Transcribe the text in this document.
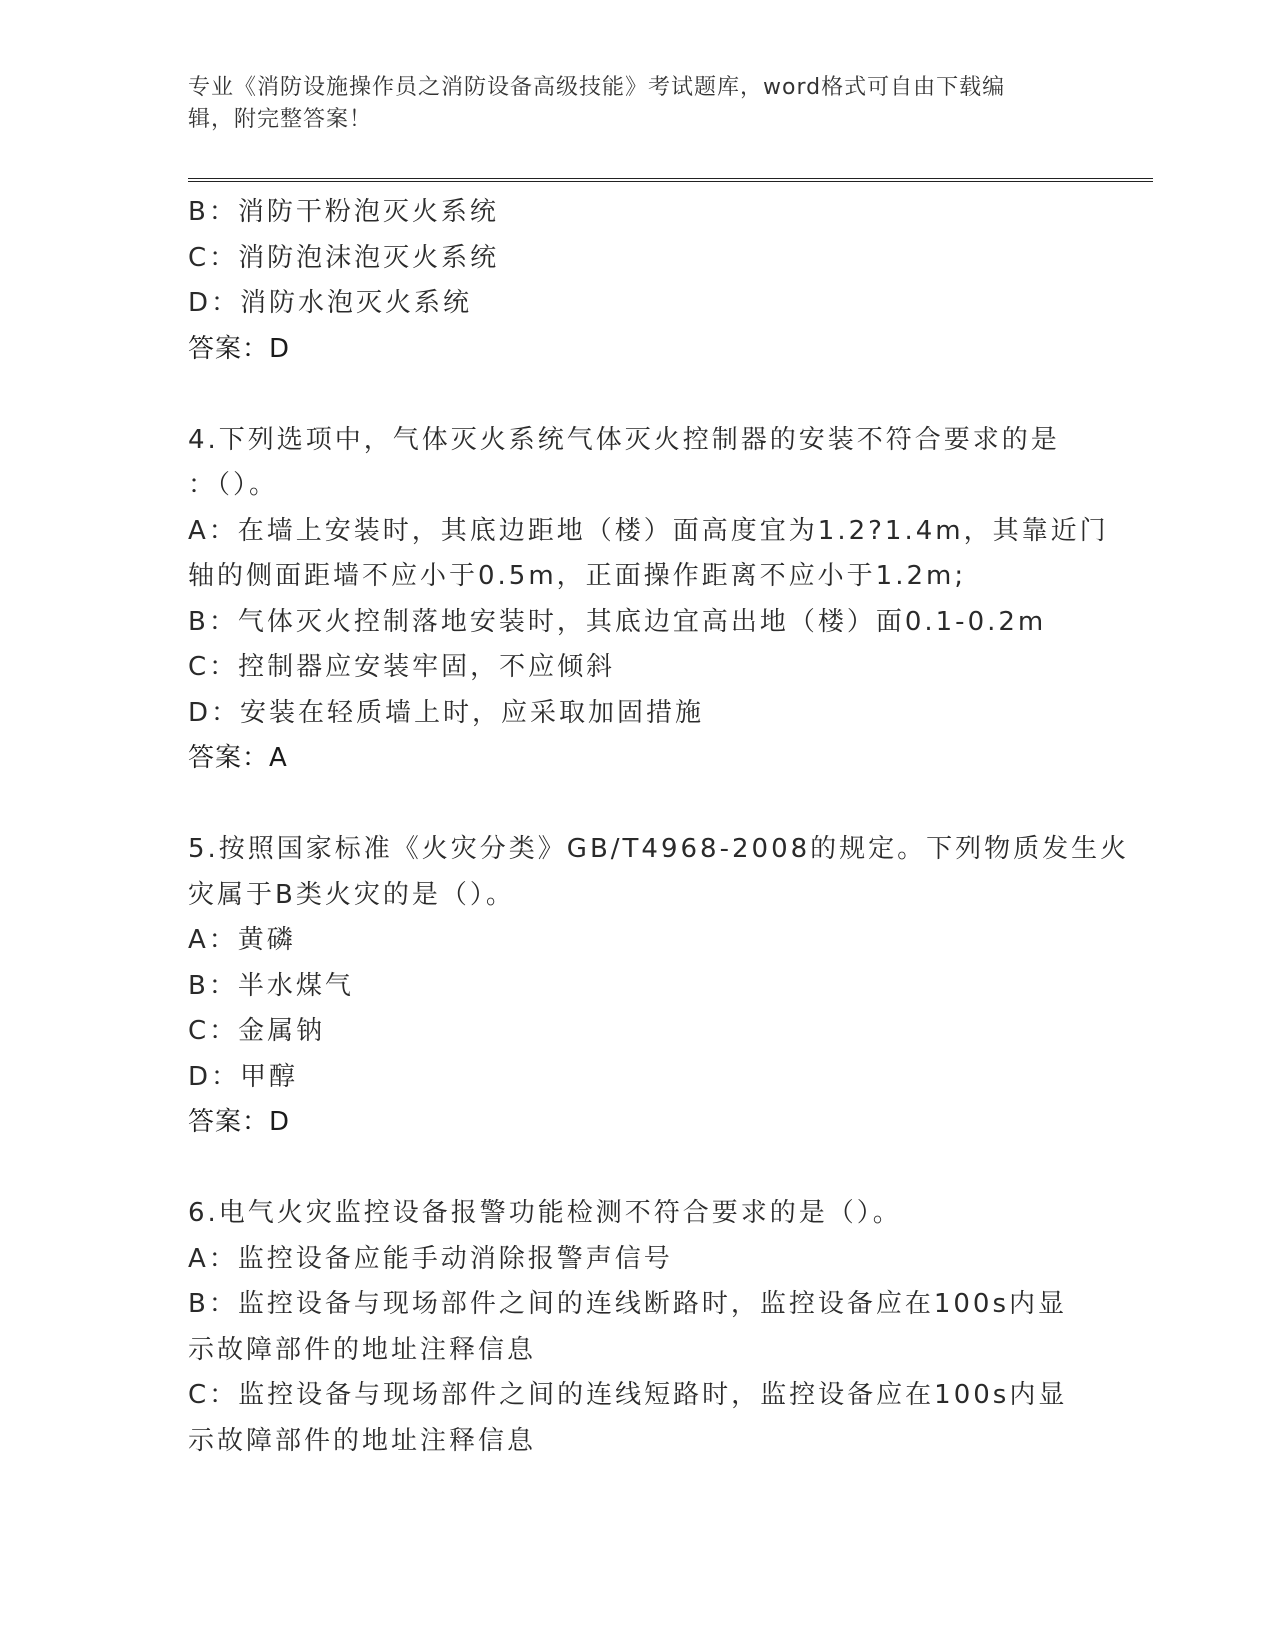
专业《消防设施操作员之消防设备高级技能》考试题库，word格式可自由下载编
辑，附完整答案！
B：消防干粉泡灭火系统
C：消防泡沫泡灭火系统
D：消防水泡灭火系统
答案：D
4.下列选项中，气体灭火系统气体灭火控制器的安装不符合要求的是
：（）。
A：在墙上安装时，其底边距地（楼）面高度宜为1.2?1.4m，其靠近门
轴的侧面距墙不应小于0.5m，正面操作距离不应小于1.2m;
B：气体灭火控制落地安装时，其底边宜高出地（楼）面0.1-0.2m
C：控制器应安装牢固，不应倾斜
D：安装在轻质墙上时，应采取加固措施
答案：A
5.按照国家标准《火灾分类》GB/T4968-2008的规定。下列物质发生火
灾属于B类火灾的是（）。
A：黄磷
B：半水煤气
C：金属钠
D：甲醇
答案：D
6.电气火灾监控设备报警功能检测不符合要求的是（）。
A：监控设备应能手动消除报警声信号
B：监控设备与现场部件之间的连线断路时，监控设备应在100s内显
示故障部件的地址注释信息
C：监控设备与现场部件之间的连线短路时，监控设备应在100s内显
示故障部件的地址注释信息
